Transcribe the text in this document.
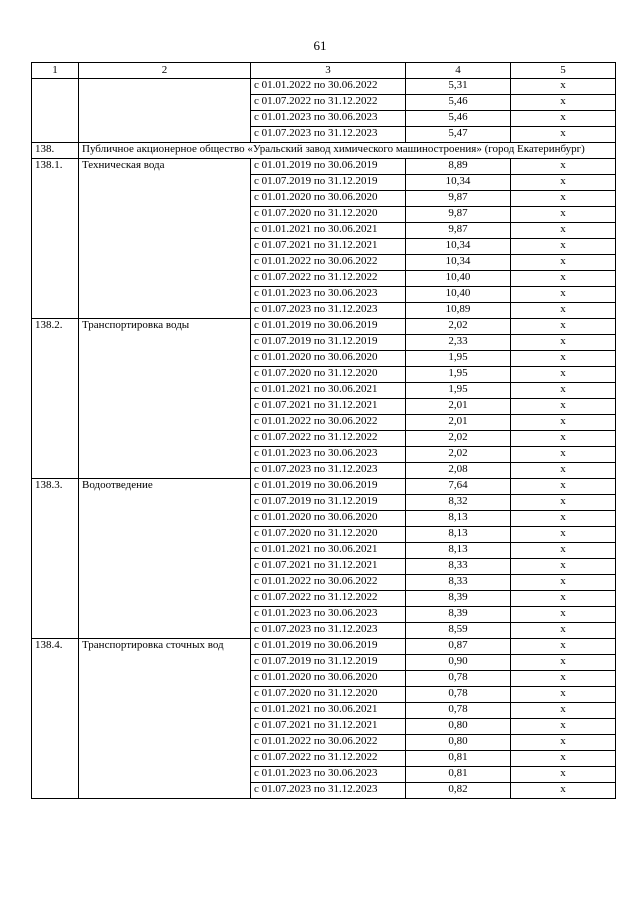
61
1	2	3	4	5
		с 01.01.2022 по 30.06.2022	5,31	х
		с 01.07.2022 по 31.12.2022	5,46	х
		с 01.01.2023 по 30.06.2023	5,46	х
		с 01.07.2023 по 31.12.2023	5,47	х
138.	Публичное акционерное общество «Уральский завод химического машиностроения» (город Екатеринбург)			
138.1.	Техническая вода	с 01.01.2019 по 30.06.2019	8,89	х
		с 01.07.2019 по 31.12.2019	10,34	х
		с 01.01.2020 по 30.06.2020	9,87	х
		с 01.07.2020 по 31.12.2020	9,87	х
		с 01.01.2021 по 30.06.2021	9,87	х
		с 01.07.2021 по 31.12.2021	10,34	х
		с 01.01.2022 по 30.06.2022	10,34	х
		с 01.07.2022 по 31.12.2022	10,40	х
		с 01.01.2023 по 30.06.2023	10,40	х
		с 01.07.2023 по 31.12.2023	10,89	х
138.2.	Транспортировка воды	с 01.01.2019 по 30.06.2019	2,02	х
		с 01.07.2019 по 31.12.2019	2,33	х
		с 01.01.2020 по 30.06.2020	1,95	х
		с 01.07.2020 по 31.12.2020	1,95	х
		с 01.01.2021 по 30.06.2021	1,95	х
		с 01.07.2021 по 31.12.2021	2,01	х
		с 01.01.2022 по 30.06.2022	2,01	х
		с 01.07.2022 по 31.12.2022	2,02	х
		с 01.01.2023 по 30.06.2023	2,02	х
		с 01.07.2023 по 31.12.2023	2,08	х
138.3.	Водоотведение	с 01.01.2019 по 30.06.2019	7,64	х
		с 01.07.2019 по 31.12.2019	8,32	х
		с 01.01.2020 по 30.06.2020	8,13	х
		с 01.07.2020 по 31.12.2020	8,13	х
		с 01.01.2021 по 30.06.2021	8,13	х
		с 01.07.2021 по 31.12.2021	8,33	х
		с 01.01.2022 по 30.06.2022	8,33	х
		с 01.07.2022 по 31.12.2022	8,39	х
		с 01.01.2023 по 30.06.2023	8,39	х
		с 01.07.2023 по 31.12.2023	8,59	х
138.4.	Транспортировка сточных вод	с 01.01.2019 по 30.06.2019	0,87	х
		с 01.07.2019 по 31.12.2019	0,90	х
		с 01.01.2020 по 30.06.2020	0,78	х
		с 01.07.2020 по 31.12.2020	0,78	х
		с 01.01.2021 по 30.06.2021	0,78	х
		с 01.07.2021 по 31.12.2021	0,80	х
		с 01.01.2022 по 30.06.2022	0,80	х
		с 01.07.2022 по 31.12.2022	0,81	х
		с 01.01.2023 по 30.06.2023	0,81	х
		с 01.07.2023 по 31.12.2023	0,82	х
